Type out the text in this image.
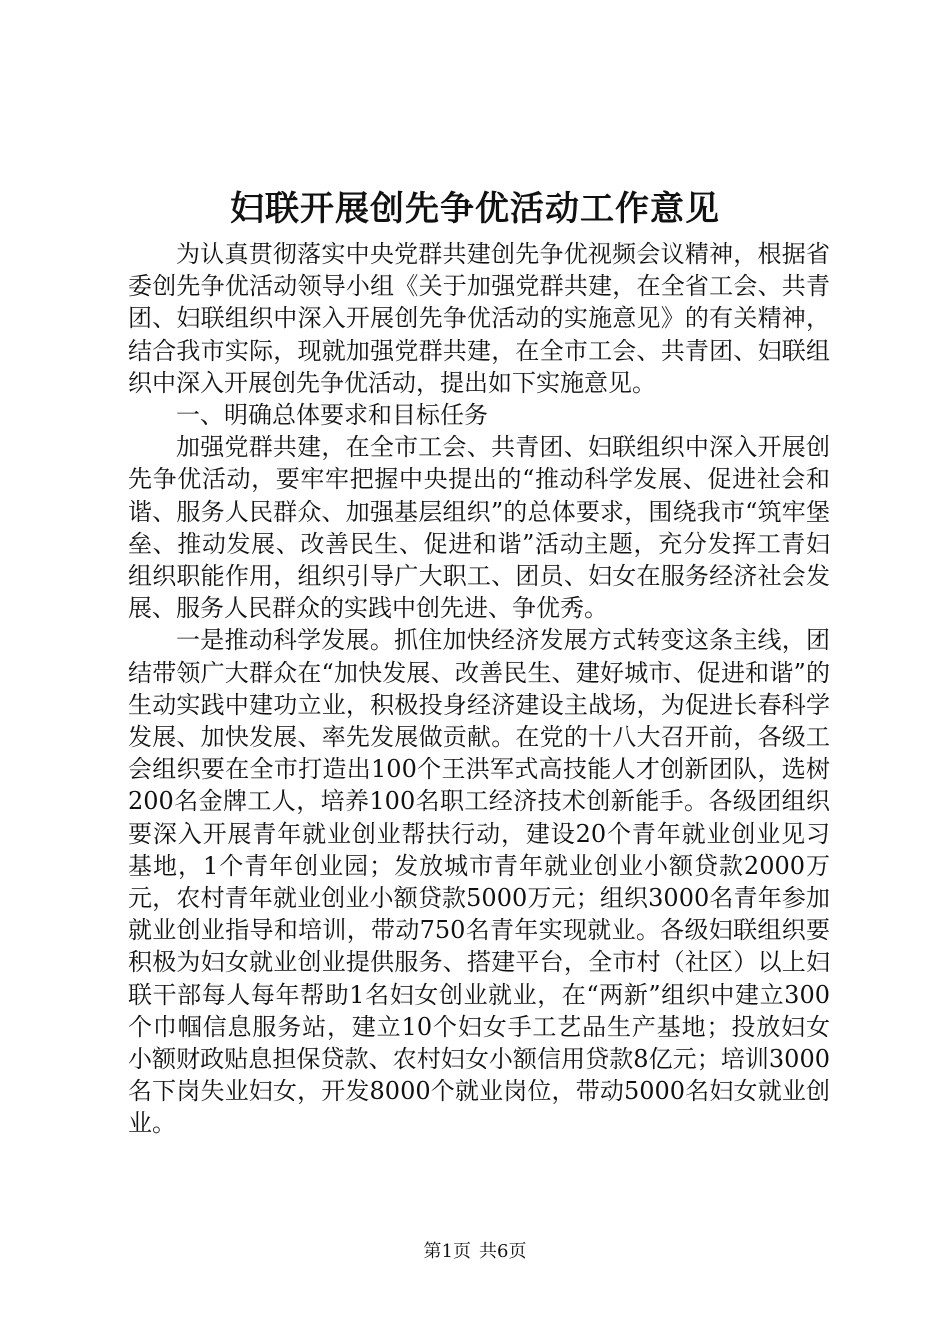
妇联开展创先争优活动工作意见

为认真贯彻落实中央党群共建创先争优视频会议精神，根据省委创先争优活动领导小组《关于加强党群共建，在全省工会、共青团、妇联组织中深入开展创先争优活动的实施意见》的有关精神，结合我市实际，现就加强党群共建，在全市工会、共青团、妇联组织中深入开展创先争优活动，提出如下实施意见。

一、明确总体要求和目标任务

加强党群共建，在全市工会、共青团、妇联组织中深入开展创先争优活动，要牢牢把握中央提出的“推动科学发展、促进社会和谐、服务人民群众、加强基层组织”的总体要求，围绕我市“筑牢堡垒、推动发展、改善民生、促进和谐”活动主题，充分发挥工青妇组织职能作用，组织引导广大职工、团员、妇女在服务经济社会发展、服务人民群众的实践中创先进、争优秀。

一是推动科学发展。抓住加快经济发展方式转变这条主线，团结带领广大群众在“加快发展、改善民生、建好城市、促进和谐”的生动实践中建功立业，积极投身经济建设主战场，为促进长春科学发展、加快发展、率先发展做贡献。在党的十八大召开前，各级工会组织要在全市打造出100个王洪军式高技能人才创新团队，选树200名金牌工人，培养100名职工经济技术创新能手。各级团组织要深入开展青年就业创业帮扶行动，建设20个青年就业创业见习基地，1个青年创业园；发放城市青年就业创业小额贷款2000万元，农村青年就业创业小额贷款5000万元；组织3000名青年参加就业创业指导和培训，带动750名青年实现就业。各级妇联组织要积极为妇女就业创业提供服务、搭建平台，全市村（社区）以上妇联干部每人每年帮助1名妇女创业就业，在“两新”组织中建立300个巾帼信息服务站，建立10个妇女手工艺品生产基地；投放妇女小额财政贴息担保贷款、农村妇女小额信用贷款8亿元；培训3000名下岗失业妇女，开发8000个就业岗位，带动5000名妇女就业创业。

第1页 共6页
